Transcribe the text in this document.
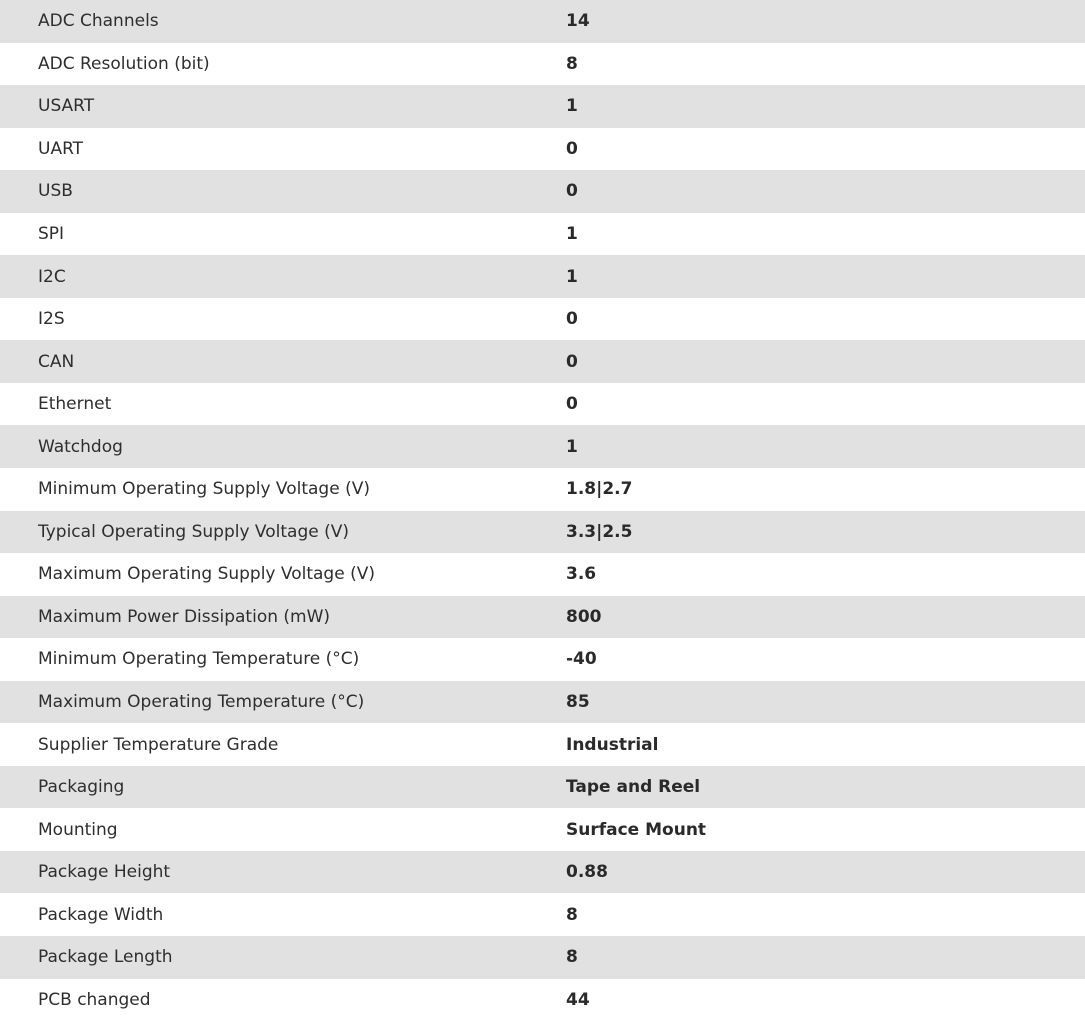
ADC Channels	14
ADC Resolution (bit)	8
USART	1
UART	0
USB	0
SPI	1
I2C	1
I2S	0
CAN	0
Ethernet	0
Watchdog	1
Minimum Operating Supply Voltage (V)	1.8|2.7
Typical Operating Supply Voltage (V)	3.3|2.5
Maximum Operating Supply Voltage (V)	3.6
Maximum Power Dissipation (mW)	800
Minimum Operating Temperature (°C)	-40
Maximum Operating Temperature (°C)	85
Supplier Temperature Grade	Industrial
Packaging	Tape and Reel
Mounting	Surface Mount
Package Height	0.88
Package Width	8
Package Length	8
PCB changed	44
